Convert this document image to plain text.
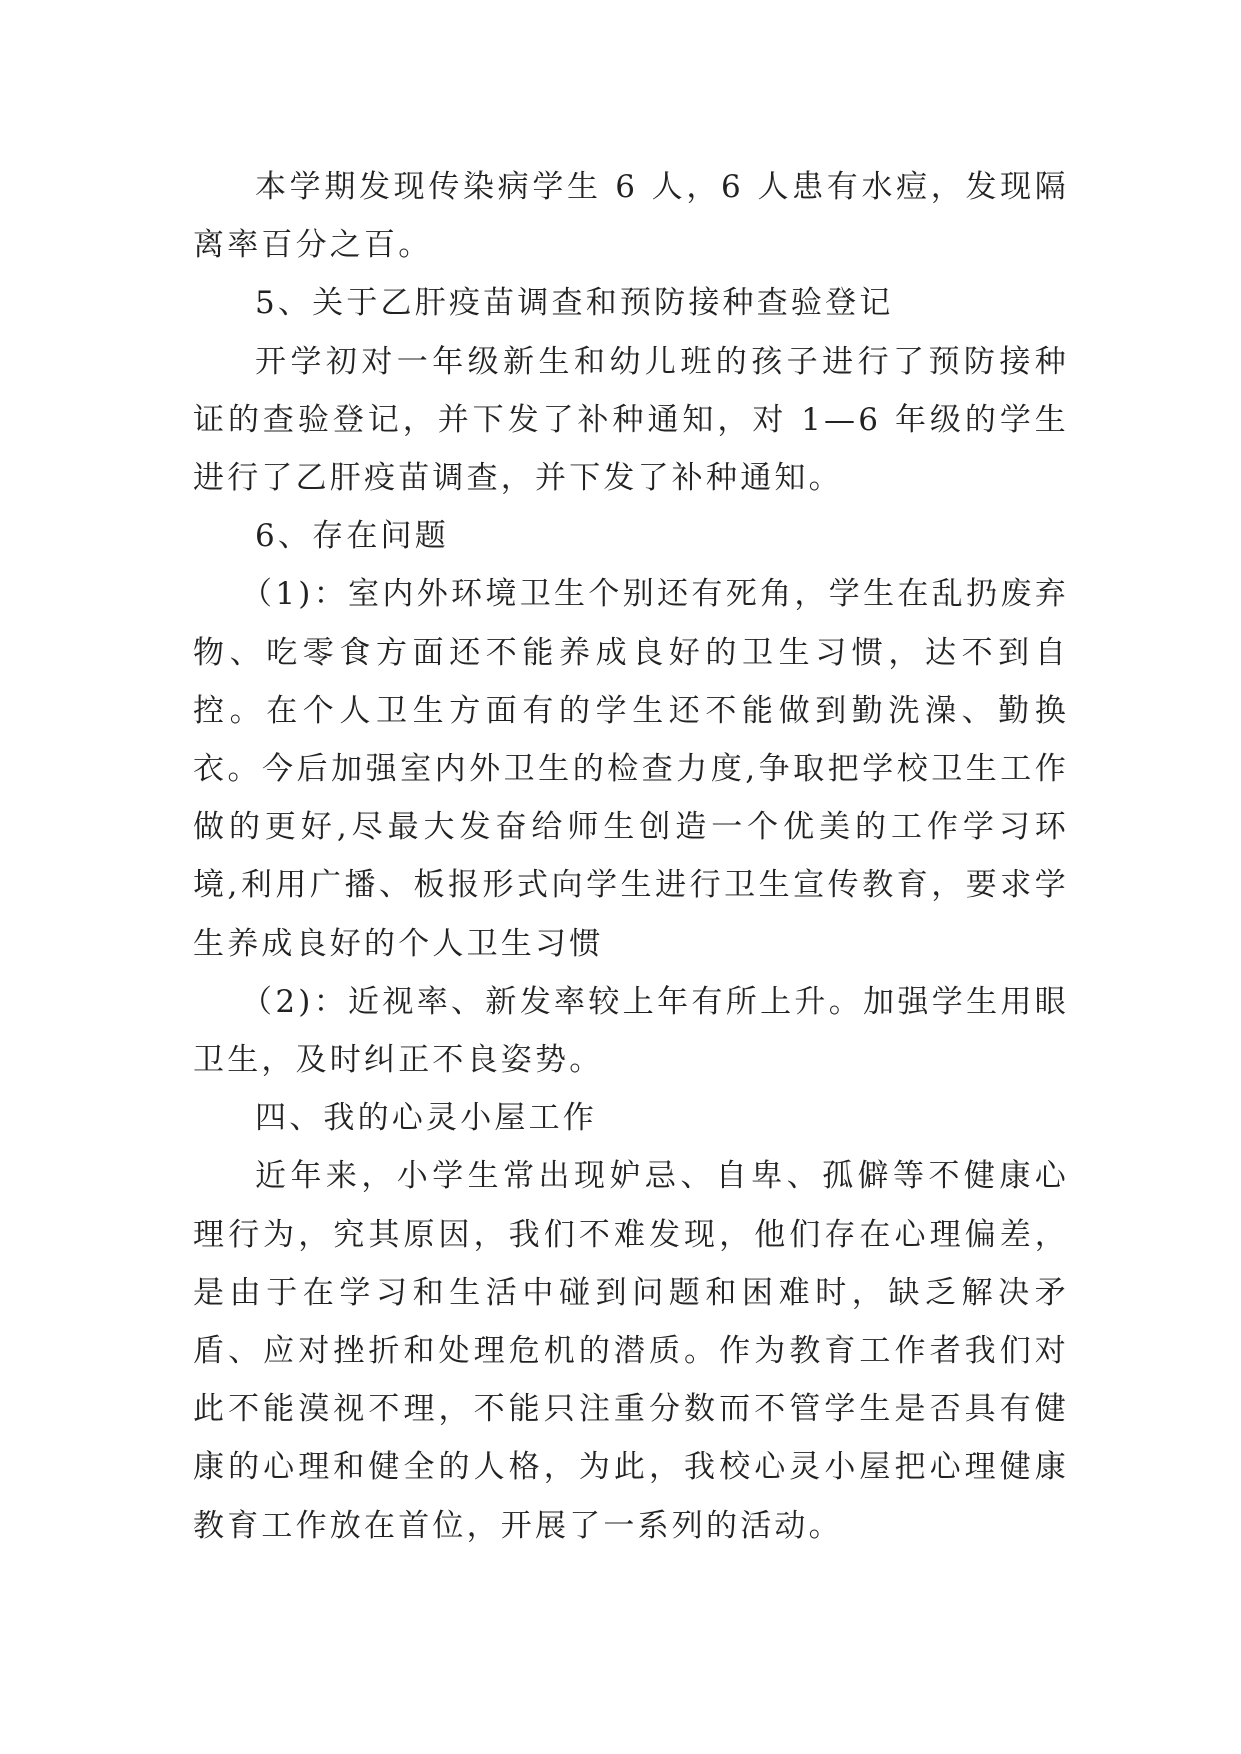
本学期发现传染病学生 6 人，6 人患有水痘，发现隔离率百分之百。

5、关于乙肝疫苗调查和预防接种查验登记

开学初对一年级新生和幼儿班的孩子进行了预防接种证的查验登记，并下发了补种通知，对 1—6 年级的学生进行了乙肝疫苗调查，并下发了补种通知。

6、存在问题

（1)：室内外环境卫生个别还有死角，学生在乱扔废弃物、吃零食方面还不能养成良好的卫生习惯，达不到自控。在个人卫生方面有的学生还不能做到勤洗澡、勤换衣。今后加强室内外卫生的检查力度,争取把学校卫生工作做的更好,尽最大发奋给师生创造一个优美的工作学习环境,利用广播、板报形式向学生进行卫生宣传教育，要求学生养成良好的个人卫生习惯

（2)：近视率、新发率较上年有所上升。加强学生用眼卫生，及时纠正不良姿势。

四、我的心灵小屋工作

近年来，小学生常出现妒忌、自卑、孤僻等不健康心理行为，究其原因，我们不难发现，他们存在心理偏差，是由于在学习和生活中碰到问题和困难时，缺乏解决矛盾、应对挫折和处理危机的潜质。作为教育工作者我们对此不能漠视不理，不能只注重分数而不管学生是否具有健康的心理和健全的人格，为此，我校心灵小屋把心理健康教育工作放在首位，开展了一系列的活动。
